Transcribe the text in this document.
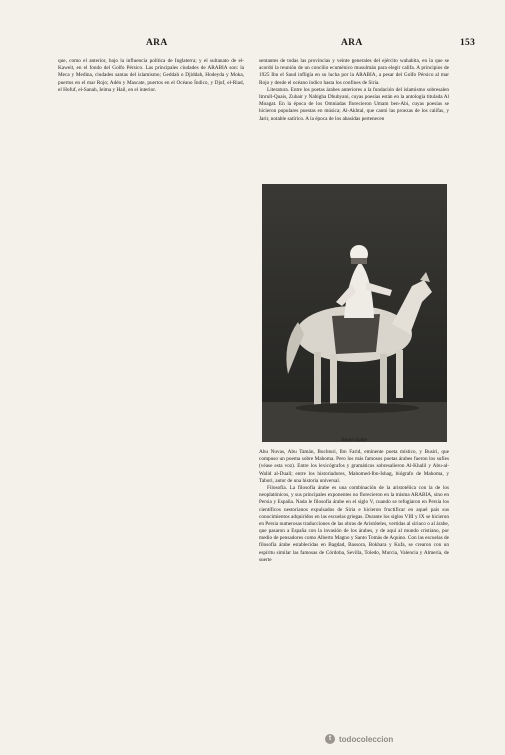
ARA	ARA	153

que, como el anterior, bajo la influencia política de Inglaterra; y el sultanato de el-Kaweit, en el fondo del Golfo Pérsico. Las principales ciudades de ARABIA son: la Meca y Medina, ciudades santas del islamismo; Geddah o Djiddah, Hodeyda y Moka, puertos en el mar Rojo; Adén y Mascate, puertos en el Océano Índico, y Djuf, el-Riad, el Hofuf, el-Sanah, Ieima y Hail, en el interior.

sentantes de todas las provincias y veinte generales del ejército wahabita, en la que se acordó la reunión de un concilio ecuménico musulmán para elegir califa. A principios de 1925 Ibn el Saud infligía en su lucha por la ARABIA, a pesar del Golfo Pérsico al mar Rojo y desde el océano índico hasta los confines de Siria.

Literatura. Entre los poetas árabes anteriores a la fundación del islamismo sobresalen Imrull-Quais, Zubair y Nabigha Dhubyani, cuyas poesías están en la antología titulada Al Moagat. En la época de los Omniadas florecieron Umam ben-Abi, cuyas poesías se hicieron populares puestas en música; Al-Akhtal, que cantó las proezas de los califas, y Jarir, notable satírico. A la época de los abasidas pertenecen

Jinete árabe

Abu Nuvas, Abu Tamán, Buchturi, Ibn Farid, eminente poeta místico, y Busiri, que compuso un poema sobre Mahoma. Pero los más famosos poetas árabes fueron los sufíes (véase esta voz). Entre los lexicógrafos y gramáticos sobresalieron Al-Khalil y Abu-al-Walid al-Duali; entre los historiadores, Mahomed-Ibn-Ishag, biógrafo de Mahoma, y Tabori, autor de una historia universal.

Filosofía. La filosofía árabe es una combinación de la aristotélica con la de los neoplatónicos, y sus principales exponentes no florecieron en la misma ARABIA, sino en Persia y España. Nada le filosofía árabe en el siglo V, cuando se refugiaron en Persia los científicos nestorianos expulsados de Siria e hicieron fructificar en aquel país sus conocimientos adquiridos en las escuelas griegas. Durante los siglos VIII y IX se hicieron en Persia numerosas traducciones de las obras de Aristóteles, vertidas al siriaco o al árabe, que pasaron a España con la invasión de los árabes, y de aquí al mundo cristiano, por medio de pensadores como Alberto Magno y Santo Tomás de Aquino. Con las escuelas de filosofía árabe establecidas en Bagdad, Bassora, Bokhara y Kufa, se crearon con un espíritu similar las famosas de Córdoba, Sevilla, Toledo, Murcia, Valencia y Almería, de suerte

t todocoleccion
